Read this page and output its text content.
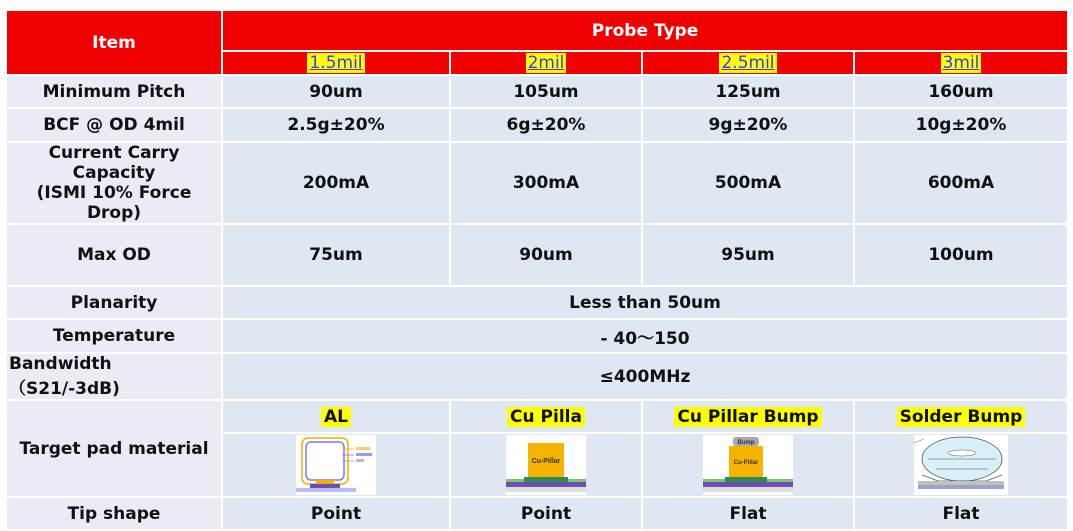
Item	Probe Type			
	1.5mil	2mil	2.5mil	3mil
Minimum Pitch	90um	105um	125um	160um
BCF @ OD 4mil	2.5g±20%	6g±20%	9g±20%	10g±20%

Current Carry Capacity
(ISMI 10% Force Drop)	200mA	300mA	500mA	600mA
Max OD	75um	90um	95um	100um
Planarity	Less than 50um			
Temperature	- 40～150			
Bandwidth（S21/-3dB)	≤400MHz			
Target pad material	AL	Cu Pilla	Cu Pillar Bump	Solder Bump

Cu-Pillar	Bump
Cu-Pillar

Tip shape	Point	Point	Flat	Flat
